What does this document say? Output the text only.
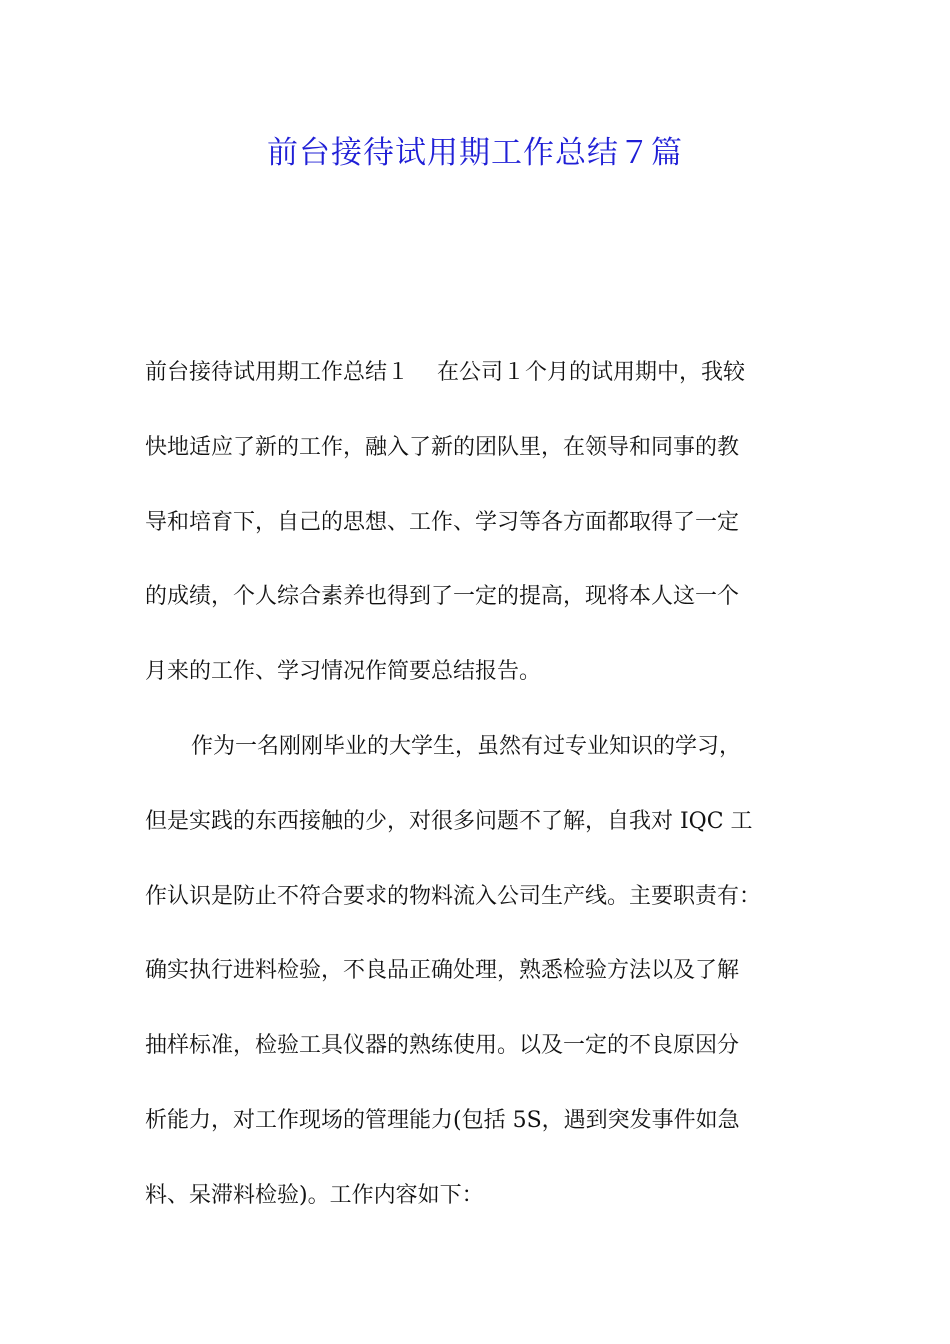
前台接待试用期工作总结７篇
前台接待试用期工作总结１    在公司１个月的试用期中，我较
快地适应了新的工作，融入了新的团队里，在领导和同事的教
导和培育下，自己的思想、工作、学习等各方面都取得了一定
的成绩，个人综合素养也得到了一定的提高，现将本人这一个
月来的工作、学习情况作简要总结报告。
作为一名刚刚毕业的大学生，虽然有过专业知识的学习，
但是实践的东西接触的少，对很多问题不了解，自我对 IQC 工
作认识是防止不符合要求的物料流入公司生产线。主要职责有：
确实执行进料检验，不良品正确处理，熟悉检验方法以及了解
抽样标准，检验工具仪器的熟练使用。以及一定的不良原因分
析能力，对工作现场的管理能力(包括 5S，遇到突发事件如急
料、呆滞料检验)。工作内容如下：
